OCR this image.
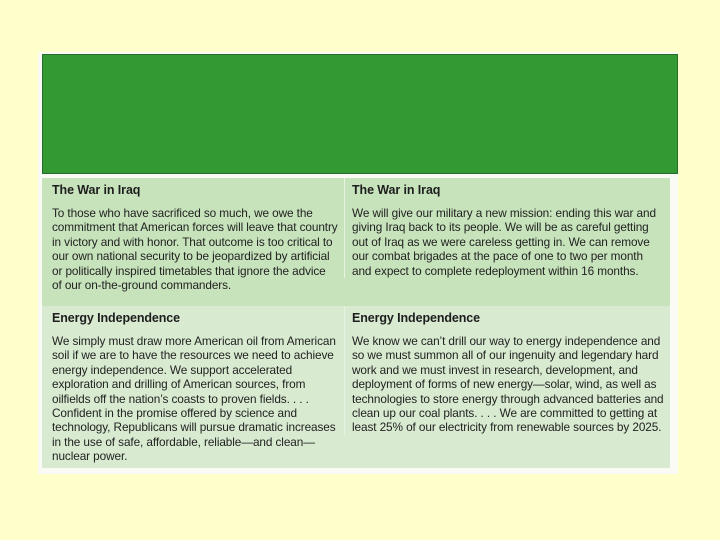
The War in Iraq

To those who have sacrificed so much, we owe the commitment that American forces will leave that country in victory and with honor. That outcome is too critical to our own national security to be jeopardized by artificial or politically inspired timetables that ignore the advice of our on-the-ground commanders.

The War in Iraq

We will give our military a new mission: ending this war and giving Iraq back to its people. We will be as careful getting out of Iraq as we were careless getting in. We can remove our combat brigades at the pace of one to two per month and expect to complete redeployment within 16 months.

Energy Independence

We simply must draw more American oil from American soil if we are to have the resources we need to achieve energy independence. We support accelerated exploration and drilling of American sources, from oilfields off the nation’s coasts to proven fields. . . . Confident in the promise offered by science and technology, Republicans will pursue dramatic increases in the use of safe, affordable, reliable—and clean—nuclear power.

Energy Independence

We know we can’t drill our way to energy independence and so we must summon all of our ingenuity and legendary hard work and we must invest in research, development, and deployment of forms of new energy—solar, wind, as well as technologies to store energy through advanced batteries and clean up our coal plants. . . . We are committed to getting at least 25% of our electricity from renewable sources by 2025.
